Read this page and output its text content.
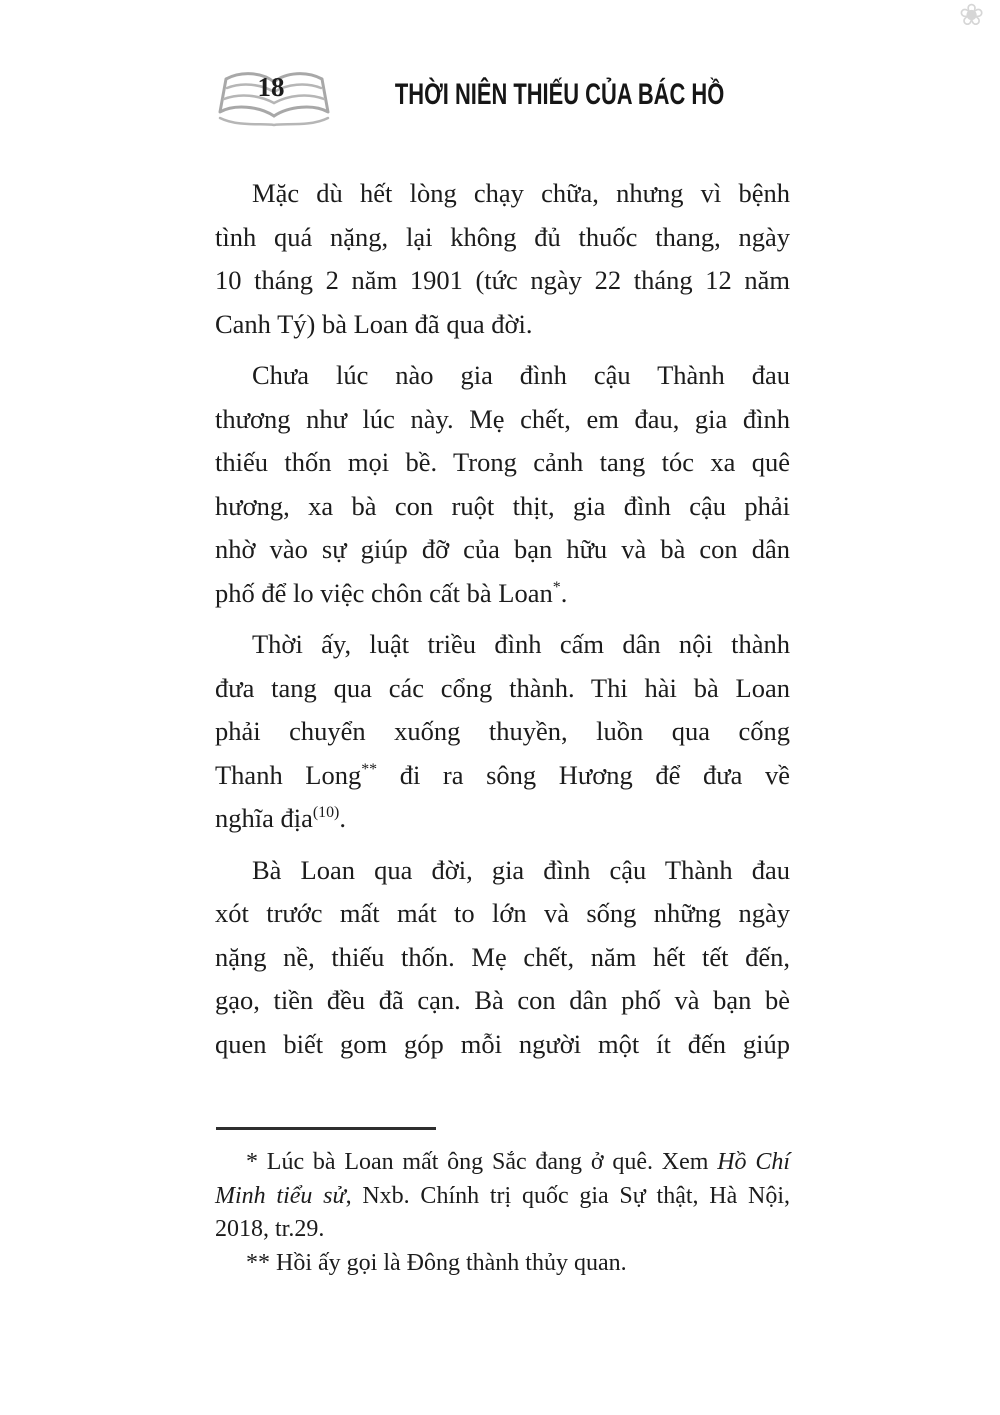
❀
18	THỜI NIÊN THIẾU CỦA BÁC HỒ
Mặc dù hết lòng chạy chữa, nhưng vì bệnh
tình quá nặng, lại không đủ thuốc thang, ngày
10 tháng 2 năm 1901 (tức ngày 22 tháng 12 năm
Canh Tý) bà Loan đã qua đời.
Chưa lúc nào gia đình cậu Thành đau
thương như lúc này. Mẹ chết, em đau, gia đình
thiếu thốn mọi bề. Trong cảnh tang tóc xa quê
hương, xa bà con ruột thịt, gia đình cậu phải
nhờ vào sự giúp đỡ của bạn hữu và bà con dân
phố để lo việc chôn cất bà Loan*.
Thời ấy, luật triều đình cấm dân nội thành
đưa tang qua các cổng thành. Thi hài bà Loan
phải chuyển xuống thuyền, luồn qua cống
Thanh Long** đi ra sông Hương để đưa về
nghĩa địa$^{(10)}$.
Bà Loan qua đời, gia đình cậu Thành đau
xót trước mất mát to lớn và sống những ngày
nặng nề, thiếu thốn. Mẹ chết, năm hết tết đến,
gạo, tiền đều đã cạn. Bà con dân phố và bạn bè
quen biết gom góp mỗi người một ít đến giúp
* Lúc bà Loan mất ông Sắc đang ở quê. Xem Hồ Chí
Minh tiểu sử, Nxb. Chính trị quốc gia Sự thật, Hà Nội,
2018, tr.29.
** Hồi ấy gọi là Đông thành thủy quan.
